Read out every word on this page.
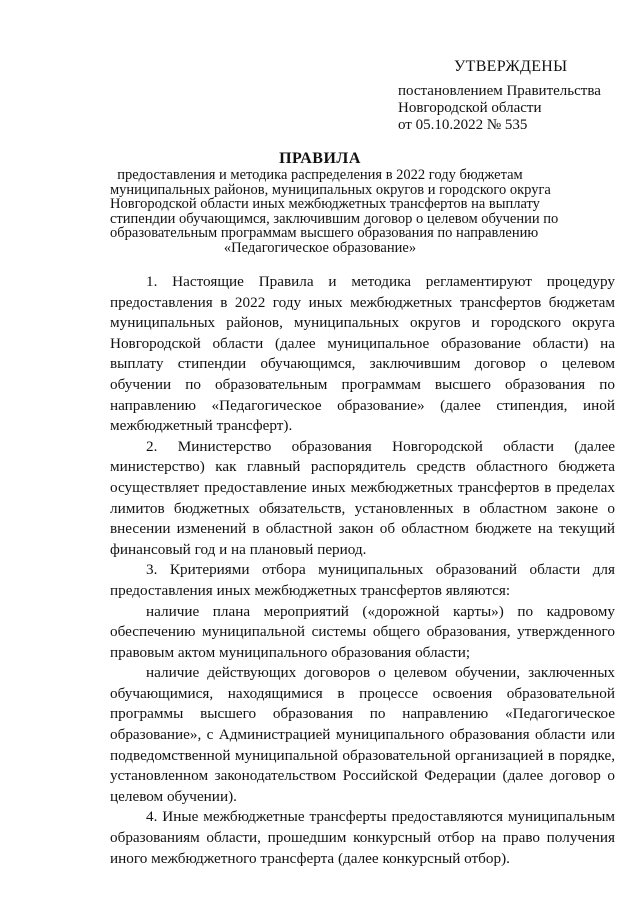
УТВЕРЖДЕНЫ
постановлением Правительства
Новгородской области
от 05.10.2022 № 535
ПРАВИЛА
предоставления и методика распределения в 2022 году бюджетам
муниципальных районов, муниципальных округов и городского округа
Новгородской области иных межбюджетных трансфертов на выплату
стипендии обучающимся, заключившим договор о целевом обучении по
образовательным программам высшего образования по направлению
«Педагогическое образование»

1. Настоящие Правила и методика регламентируют процедуру предоставления в 2022 году иных межбюджетных трансфертов бюджетам муниципальных районов, муниципальных округов и городского округа Новгородской области (далее муниципальное образование области) на выплату стипендии обучающимся, заключившим договор о целевом обучении по образовательным программам высшего образования по направлению «Педагогическое образование» (далее стипендия, иной межбюджетный трансферт).

2. Министерство образования Новгородской области (далее министерство) как главный распорядитель средств областного бюджета осуществляет предоставление иных межбюджетных трансфертов в пределах лимитов бюджетных обязательств, установленных в областном законе о внесении изменений в областной закон об областном бюджете на текущий финансовый год и на плановый период.

3. Критериями отбора муниципальных образований области для предоставления иных межбюджетных трансфертов являются:

наличие плана мероприятий («дорожной карты») по кадровому обеспечению муниципальной системы общего образования, утвержденного правовым актом муниципального образования области;

наличие действующих договоров о целевом обучении, заключенных обучающимися, находящимися в процессе освоения образовательной программы высшего образования по направлению «Педагогическое образование», с Администрацией муниципального образования области или подведомственной муниципальной образовательной организацией в порядке, установленном законодательством Российской Федерации (далее договор о целевом обучении).

4. Иные межбюджетные трансферты предоставляются муниципальным образованиям области, прошедшим конкурсный отбор на право получения иного межбюджетного трансферта (далее конкурсный отбор).
